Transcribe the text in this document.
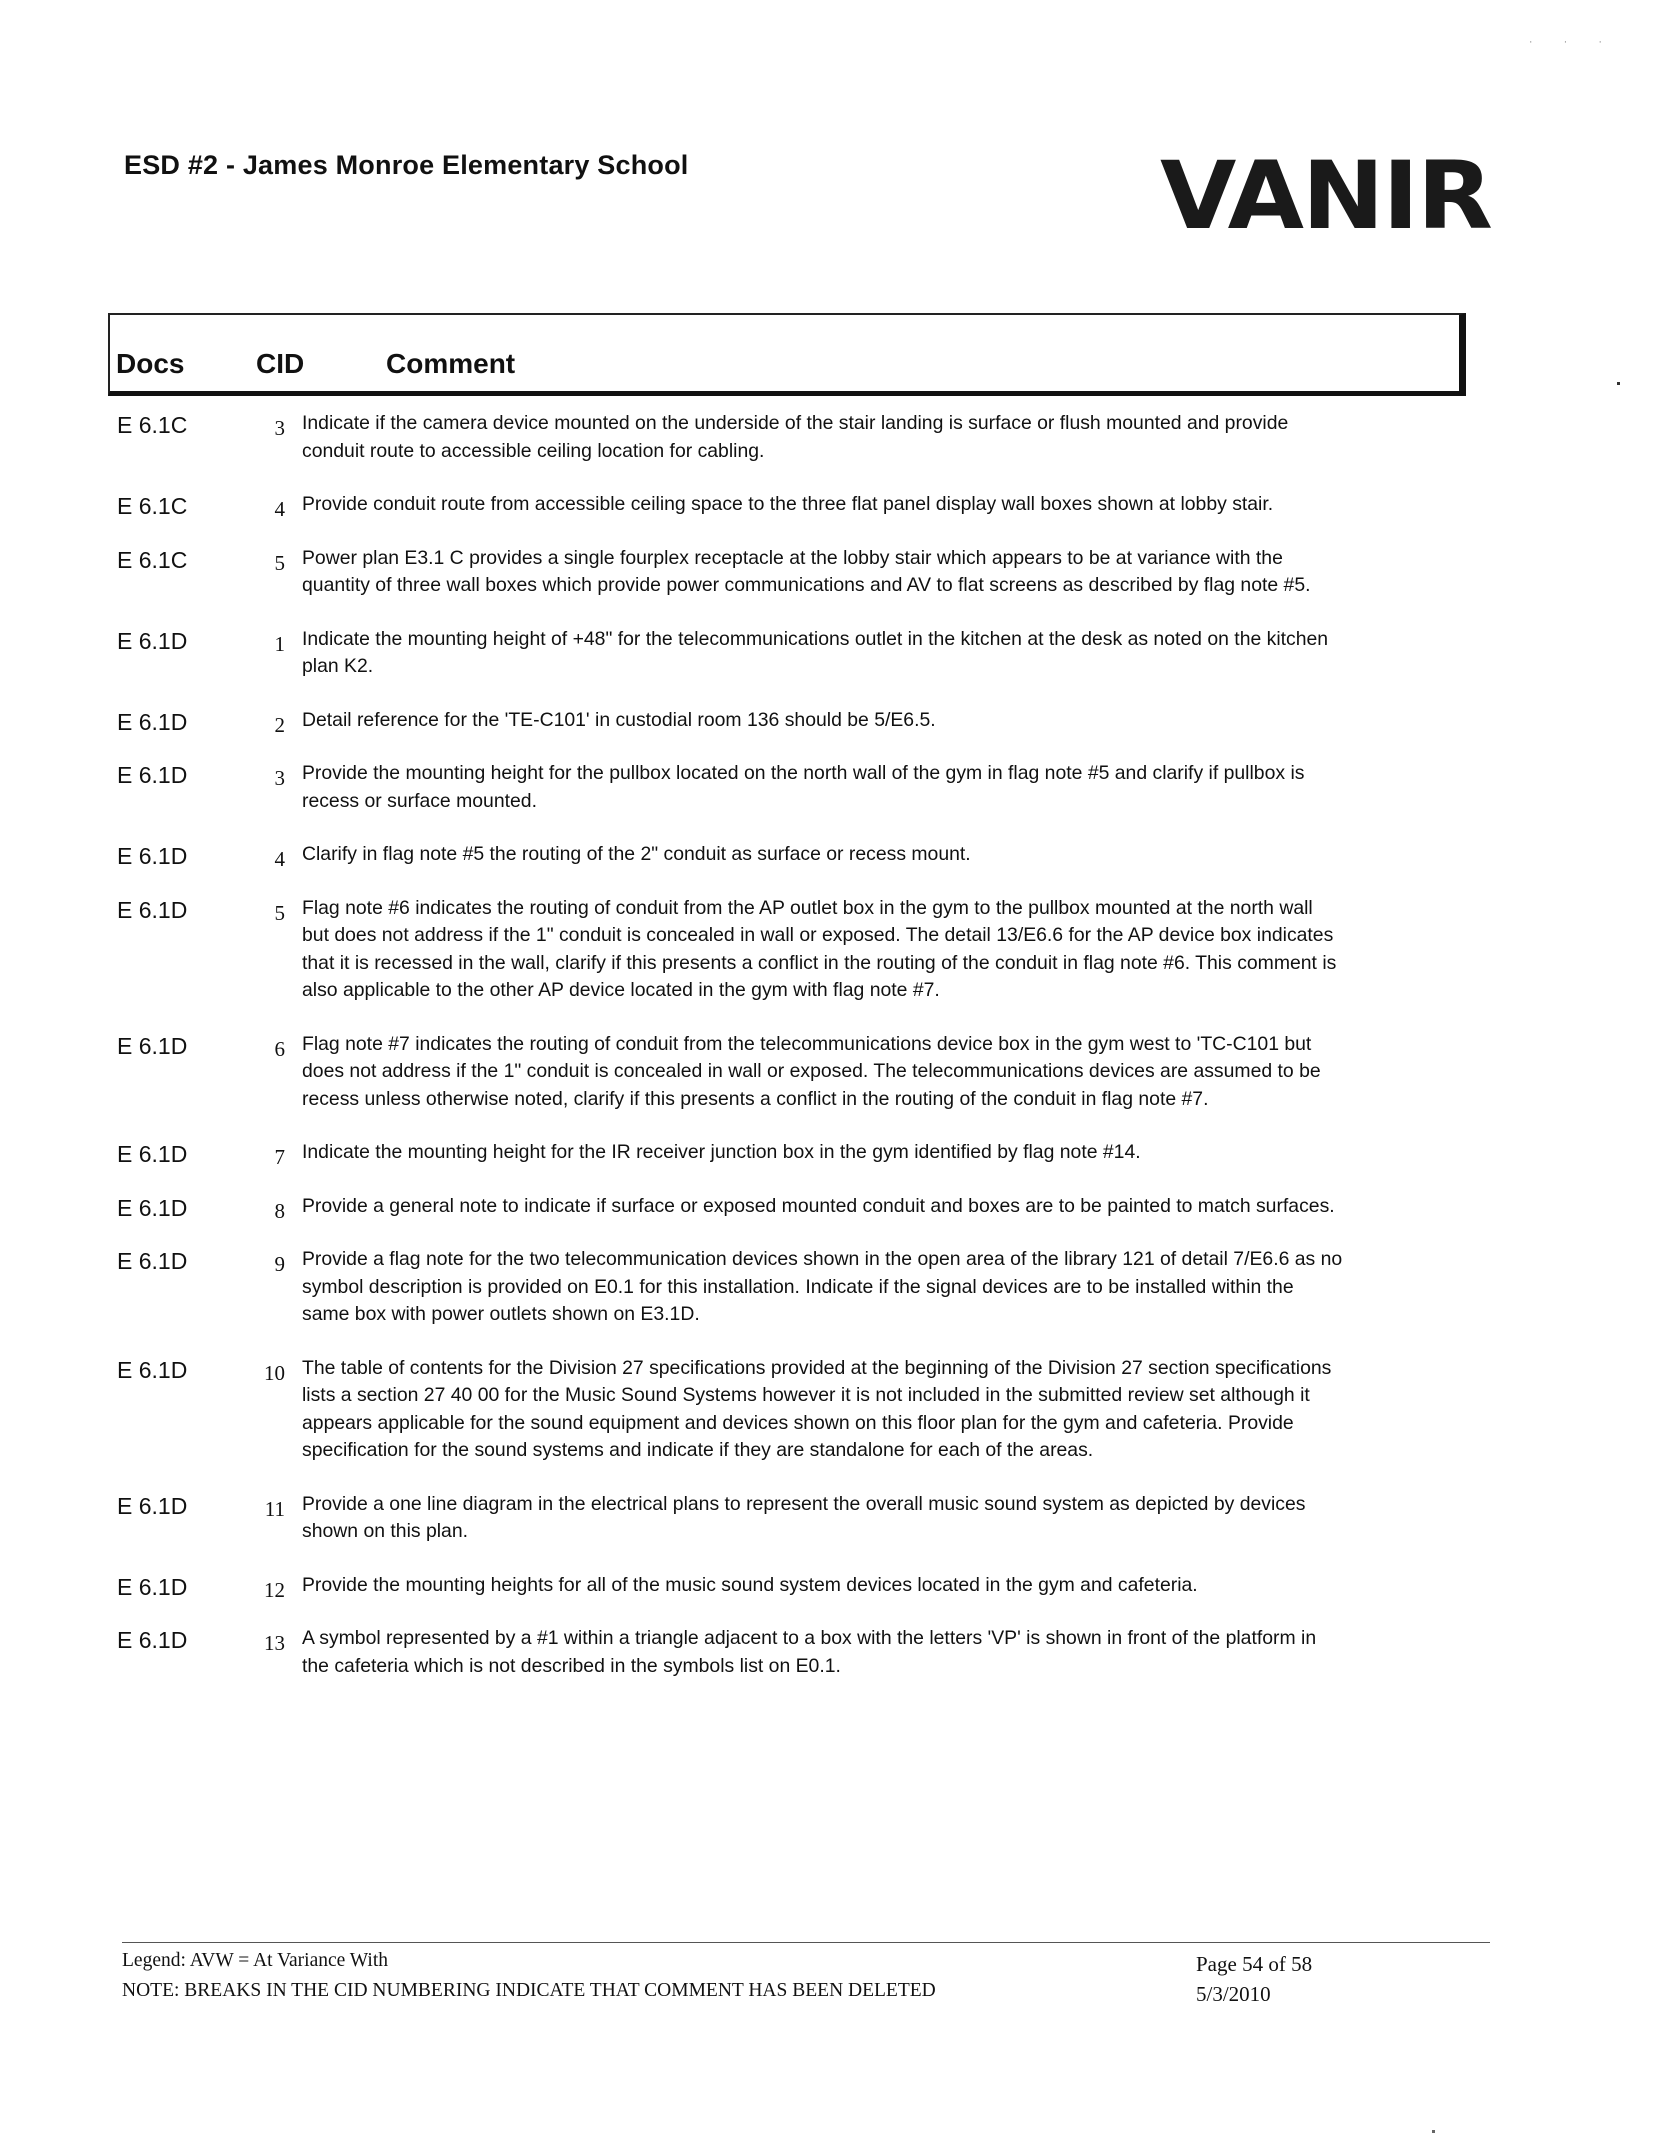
· · ·
ESD #2 - James Monroe Elementary School	VANIR
Docs	CID	Comment
E 6.1C	3 Indicate if the camera device mounted on the underside of the stair landing is surface or flush mounted and provide conduit route to accessible ceiling location for cabling.
E 6.1C	4 Provide conduit route from accessible ceiling space to the three flat panel display wall boxes shown at lobby stair.
E 6.1C	5 Power plan E3.1 C provides a single fourplex receptacle at the lobby stair which appears to be at variance with the quantity of three wall boxes which provide power communications and AV to flat screens as described by flag note #5.
E 6.1D	1 Indicate the mounting height of +48" for the telecommunications outlet in the kitchen at the desk as noted on the kitchen plan K2.
E 6.1D	2 Detail reference for the 'TE-C101' in custodial room 136 should be 5/E6.5.
E 6.1D	3 Provide the mounting height for the pullbox located on the north wall of the gym in flag note #5 and clarify if pullbox is recess or surface mounted.
E 6.1D	4 Clarify in flag note #5 the routing of the 2" conduit as surface or recess mount.
E 6.1D	5 Flag note #6 indicates the routing of conduit from the AP outlet box in the gym to the pullbox mounted at the north wall but does not address if the 1" conduit is concealed in wall or exposed. The detail 13/E6.6 for the AP device box indicates that it is recessed in the wall, clarify if this presents a conflict in the routing of the conduit in flag note #6. This comment is also applicable to the other AP device located in the gym with flag note #7.
E 6.1D	6 Flag note #7 indicates the routing of conduit from the telecommunications device box in the gym west to 'TC-C101 but does not address if the 1" conduit is concealed in wall or exposed. The telecommunications devices are assumed to be recess unless otherwise noted, clarify if this presents a conflict in the routing of the conduit in flag note #7.
E 6.1D	7 Indicate the mounting height for the IR receiver junction box in the gym identified by flag note #14.
E 6.1D	8 Provide a general note to indicate if surface or exposed mounted conduit and boxes are to be painted to match surfaces.
E 6.1D	9 Provide a flag note for the two telecommunication devices shown in the open area of the library 121 of detail 7/E6.6 as no symbol description is provided on E0.1 for this installation. Indicate if the signal devices are to be installed within the same box with power outlets shown on E3.1D.
E 6.1D	10 The table of contents for the Division 27 specifications provided at the beginning of the Division 27 section specifications lists a section 27 40 00 for the Music Sound Systems however it is not included in the submitted review set although it appears applicable for the sound equipment and devices shown on this floor plan for the gym and cafeteria. Provide specification for the sound systems and indicate if they are standalone for each of the areas.
E 6.1D	11 Provide a one line diagram in the electrical plans to represent the overall music sound system as depicted by devices shown on this plan.
E 6.1D	12 Provide the mounting heights for all of the music sound system devices located in the gym and cafeteria.
E 6.1D	13 A symbol represented by a #1 within a triangle adjacent to a box with the letters 'VP' is shown in front of the platform in the cafeteria which is not described in the symbols list on E0.1.
Legend: AVW = At Variance With
NOTE: BREAKS IN THE CID NUMBERING INDICATE THAT COMMENT HAS BEEN DELETED
Page 54 of 58
5/3/2010
